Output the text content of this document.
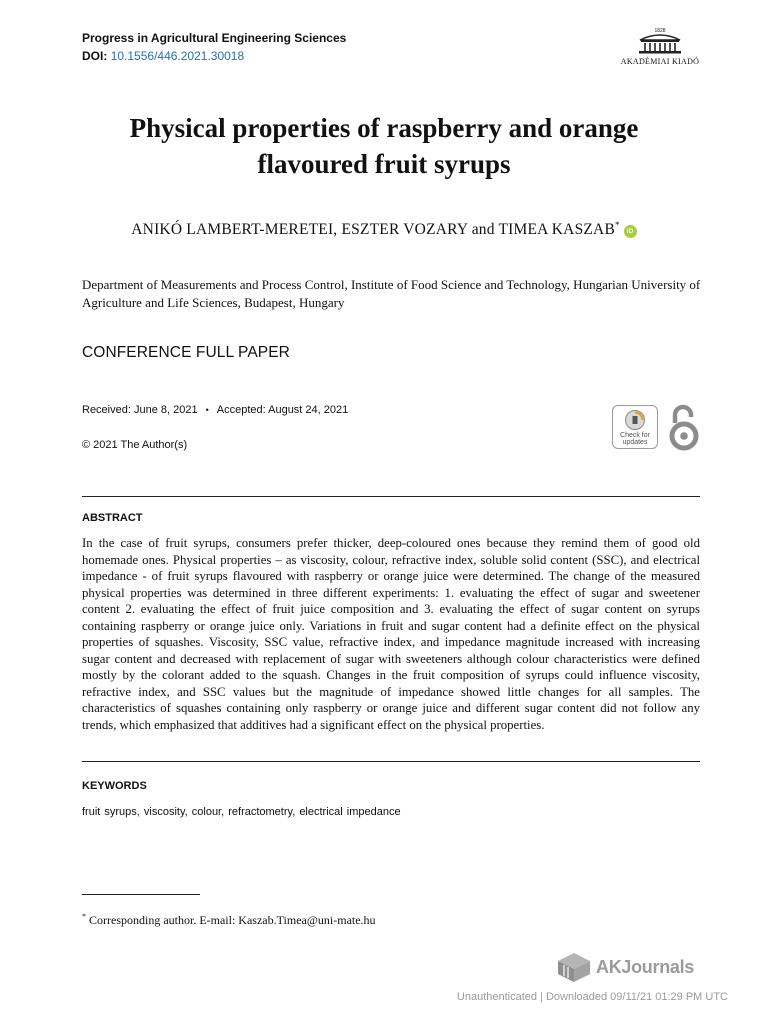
Progress in Agricultural Engineering Sciences
DOI: 10.1556/446.2021.30018
1828
AKADÉMIAI KIADÓ
Physical properties of raspberry and orange flavoured fruit syrups
ANIKÓ LAMBERT-MERETEI, ESZTER VOZARY and TIMEA KASZAB*iD
Department of Measurements and Process Control, Institute of Food Science and Technology, Hungarian University of Agriculture and Life Sciences, Budapest, Hungary
CONFERENCE FULL PAPER
Received: June 8, 2021 • Accepted: August 24, 2021
© 2021 The Author(s)
Check for
updates
ABSTRACT
In the case of fruit syrups, consumers prefer thicker, deep-coloured ones because they remind them of good old homemade ones. Physical properties – as viscosity, colour, refractive index, soluble solid content (SSC), and electrical impedance - of fruit syrups flavoured with raspberry or orange juice were determined. The change of the measured physical properties was determined in three different experiments: 1. evaluating the effect of sugar and sweetener content 2. evaluating the effect of fruit juice composition and 3. evaluating the effect of sugar content on syrups containing raspberry or orange juice only. Variations in fruit and sugar content had a definite effect on the physical properties of squashes. Viscosity, SSC value, refractive index, and impedance magnitude increased with increasing sugar content and decreased with replacement of sugar with sweeteners although colour characteristics were defined mostly by the colorant added to the squash. Changes in the fruit composition of syrups could influence viscosity, refractive index, and SSC values but the magnitude of impedance showed little changes for all samples. The characteristics of squashes containing only raspberry or orange juice and different sugar content did not follow any trends, which emphasized that additives had a significant effect on the physical properties.
KEYWORDS
fruit syrups, viscosity, colour, refractometry, electrical impedance
* Corresponding author. E-mail: Kaszab.Timea@uni-mate.hu
AKJournals
Unauthenticated | Downloaded 09/11/21 01:29 PM UTC
